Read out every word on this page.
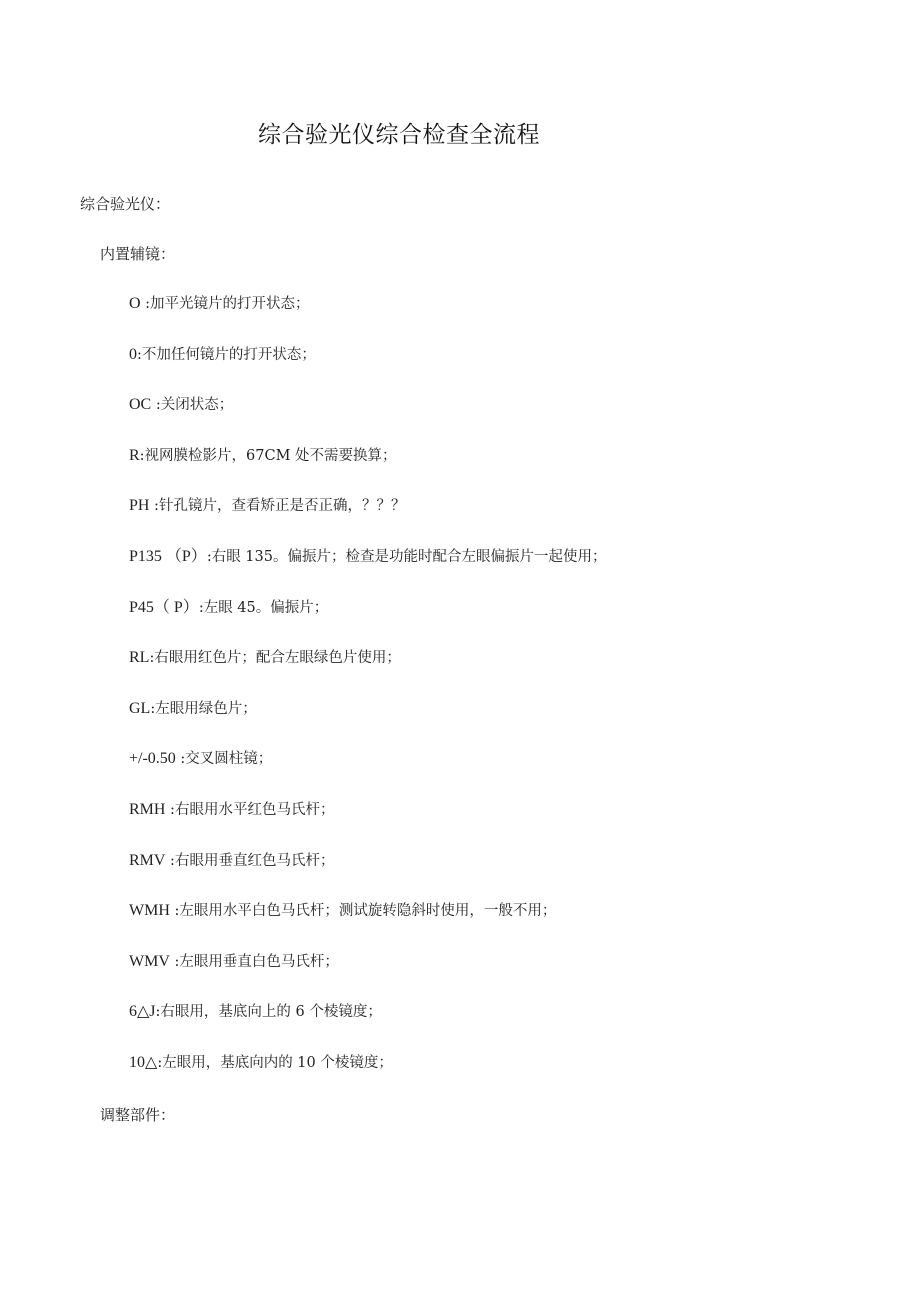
综合验光仪综合检查全流程
综合验光仪：
内置辅镜：
O :加平光镜片的打开状态；
0:不加任何镜片的打开状态；
OC :关闭状态；
R:视网膜检影片，67CM 处不需要换算；
PH :针孔镜片，查看矫正是否正确，？？？
P135 （P）:右眼 135。偏振片；检查是功能时配合左眼偏振片一起使用；
P45（ P）:左眼 45。偏振片；
RL:右眼用红色片；配合左眼绿色片使用；
GL:左眼用绿色片；
+/-0.50 :交叉圆柱镜；
RMH :右眼用水平红色马氏杆；
RMV :右眼用垂直红色马氏杆；
WMH :左眼用水平白色马氏杆；测试旋转隐斜时使用，一般不用；
WMV :左眼用垂直白色马氏杆；
6△J:右眼用，基底向上的 6 个棱镜度；
10△:左眼用，基底向内的 10 个棱镜度；
调整部件：
